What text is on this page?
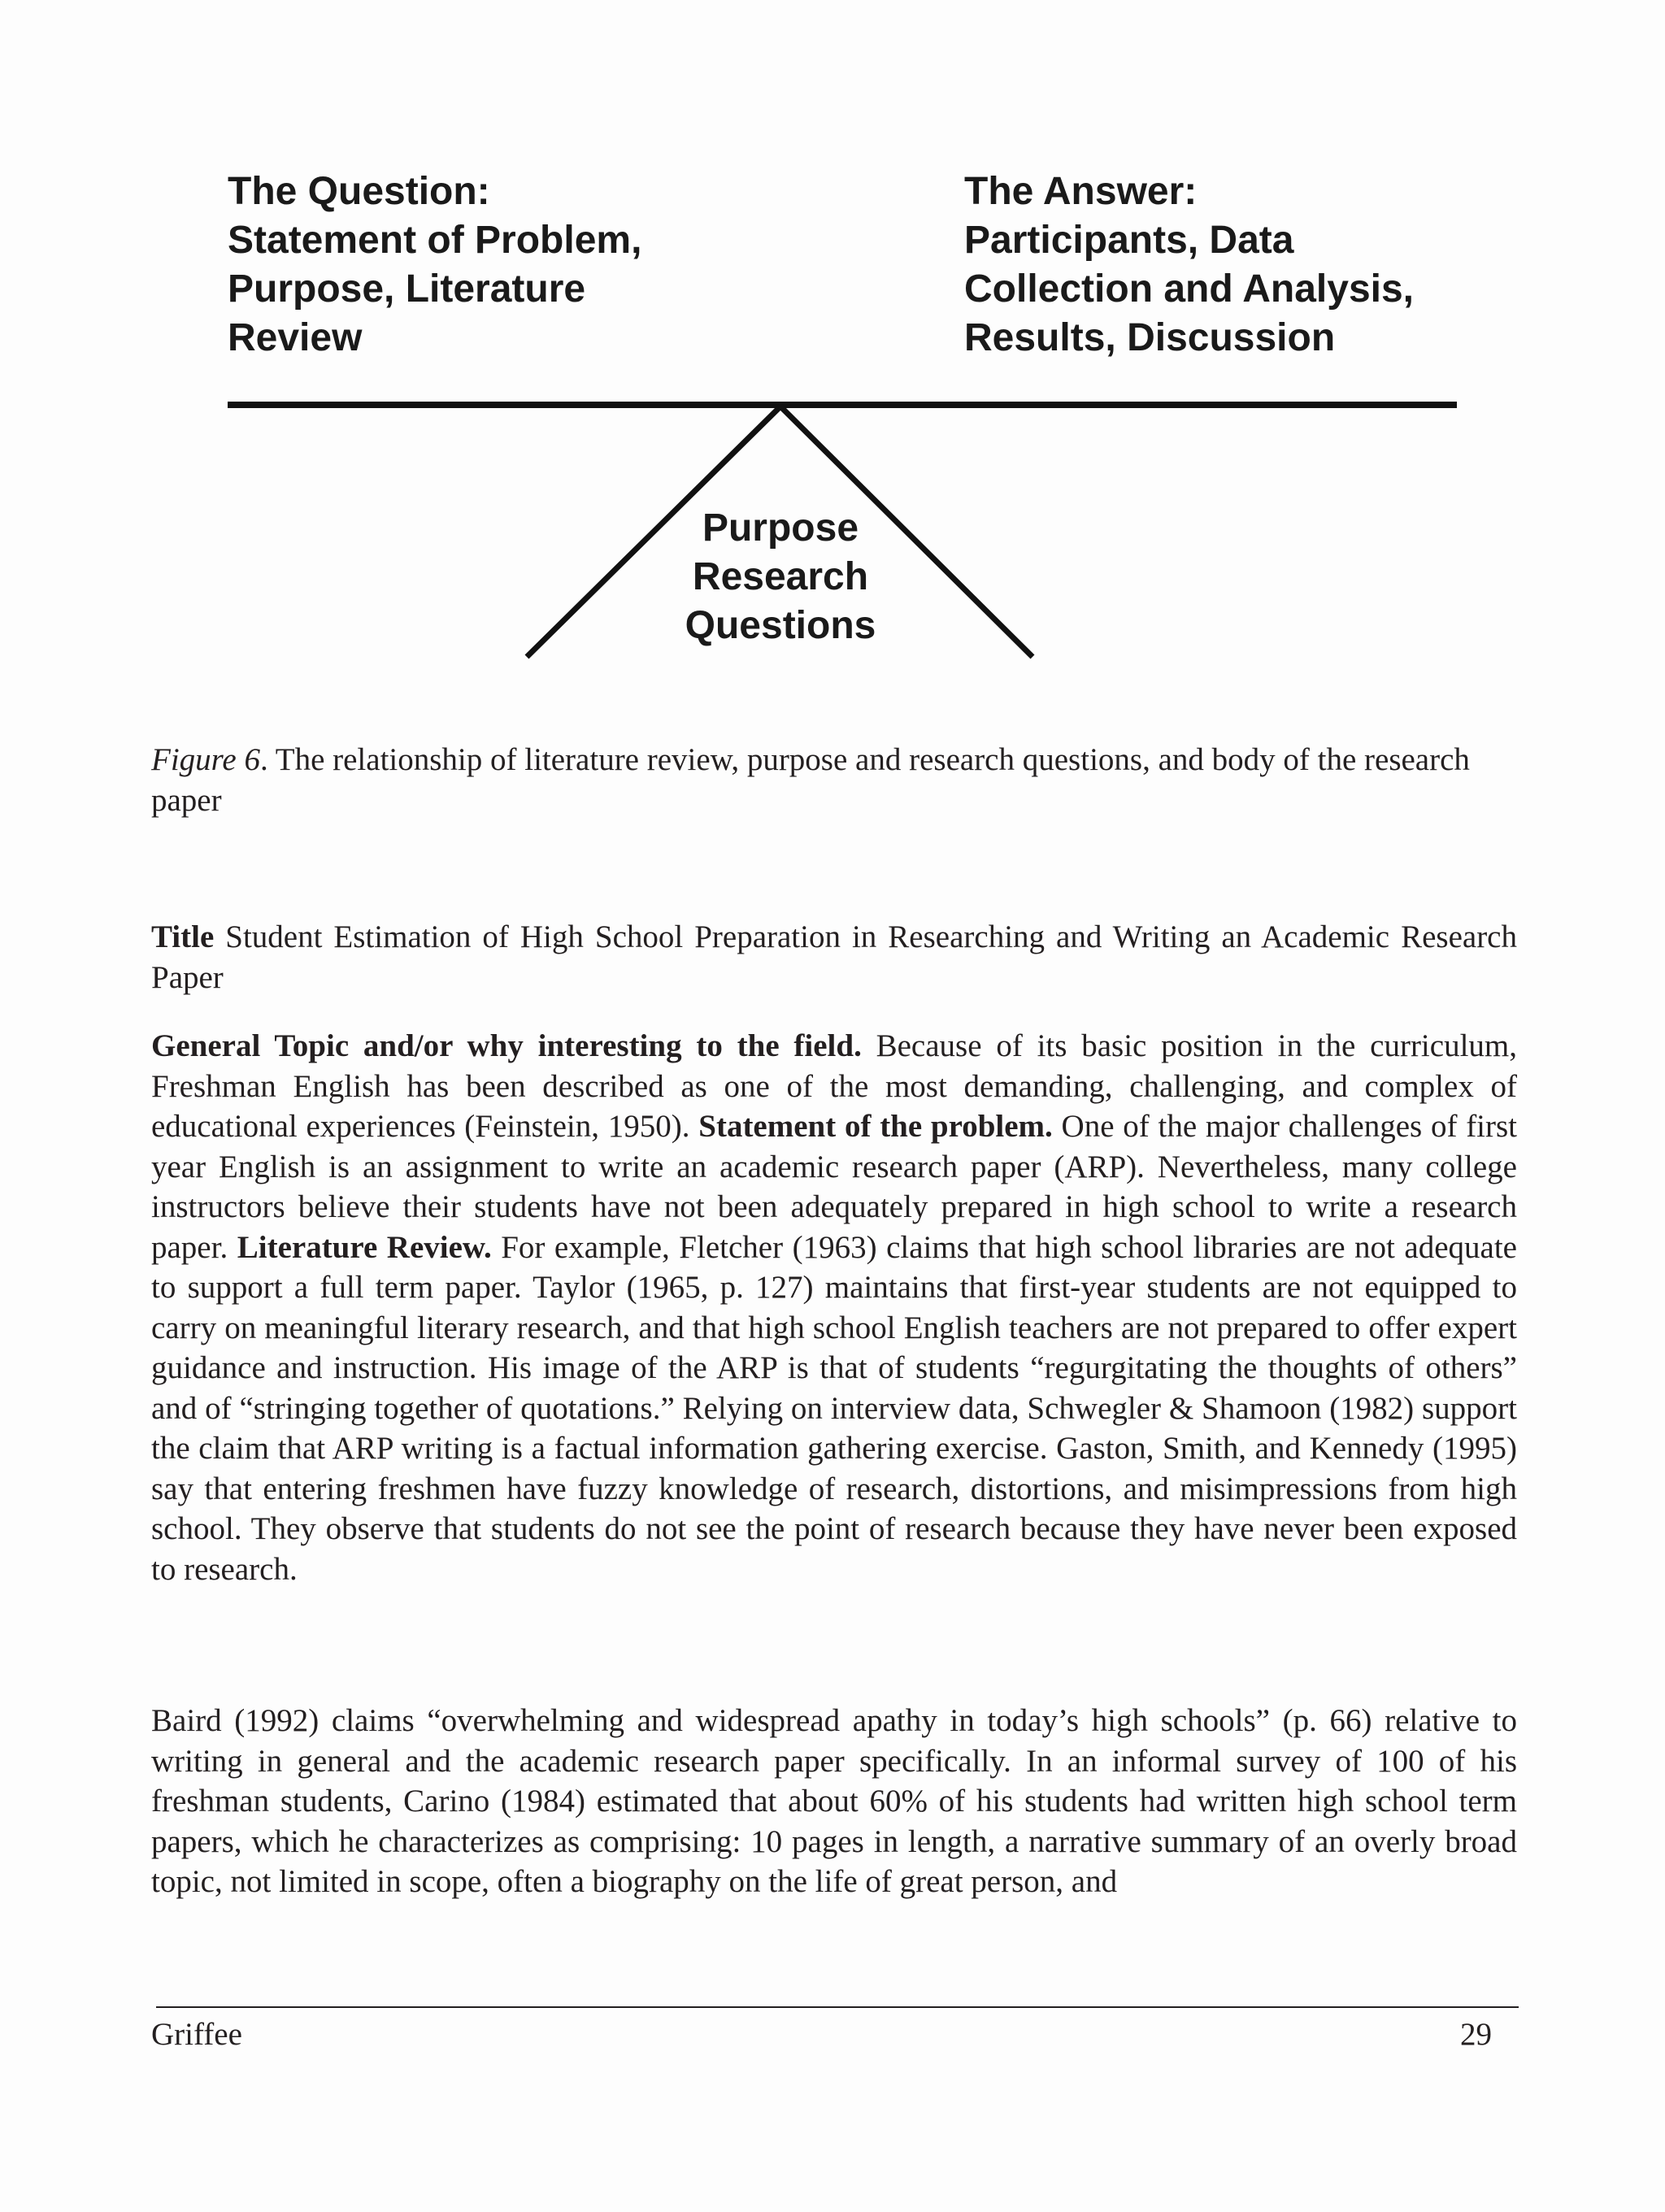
The Question:
Statement of Problem,
Purpose, Literature
Review
The Answer:
Participants, Data
Collection and Analysis,
Results, Discussion
Purpose
Research
Questions
Figure 6. The relationship of literature review, purpose and research questions, and body of the research paper

Title Student Estimation of High School Preparation in Researching and Writing an Academic Research Paper

General Topic and/or why interesting to the field. Because of its basic position in the curriculum, Freshman English has been described as one of the most demanding, challenging, and complex of educational experiences (Feinstein, 1950). Statement of the problem. One of the major challenges of first year English is an assignment to write an academic research paper (ARP). Nevertheless, many college instructors believe their students have not been adequately prepared in high school to write a research paper. Literature Review. For example, Fletcher (1963) claims that high school libraries are not adequate to support a full term paper. Taylor (1965, p. 127) maintains that first-year students are not equipped to carry on meaningful literary research, and that high school English teachers are not prepared to offer expert guidance and instruction. His image of the ARP is that of students “regurgitating the thoughts of others” and of “stringing together of quotations.” Relying on interview data, Schwegler & Shamoon (1982) support the claim that ARP writing is a factual information gathering exercise. Gaston, Smith, and Kennedy (1995) say that entering freshmen have fuzzy knowledge of research, distortions, and misimpressions from high school. They observe that students do not see the point of research because they have never been exposed to research.

Baird (1992) claims “overwhelming and widespread apathy in today’s high schools” (p. 66) relative to writing in general and the academic research paper specifically. In an informal survey of 100 of his freshman students, Carino (1984) estimated that about 60% of his students had written high school term papers, which he characterizes as comprising: 10 pages in length, a narrative summary of an overly broad topic, not limited in scope, often a biography on the life of great person, and

Griffee	29
